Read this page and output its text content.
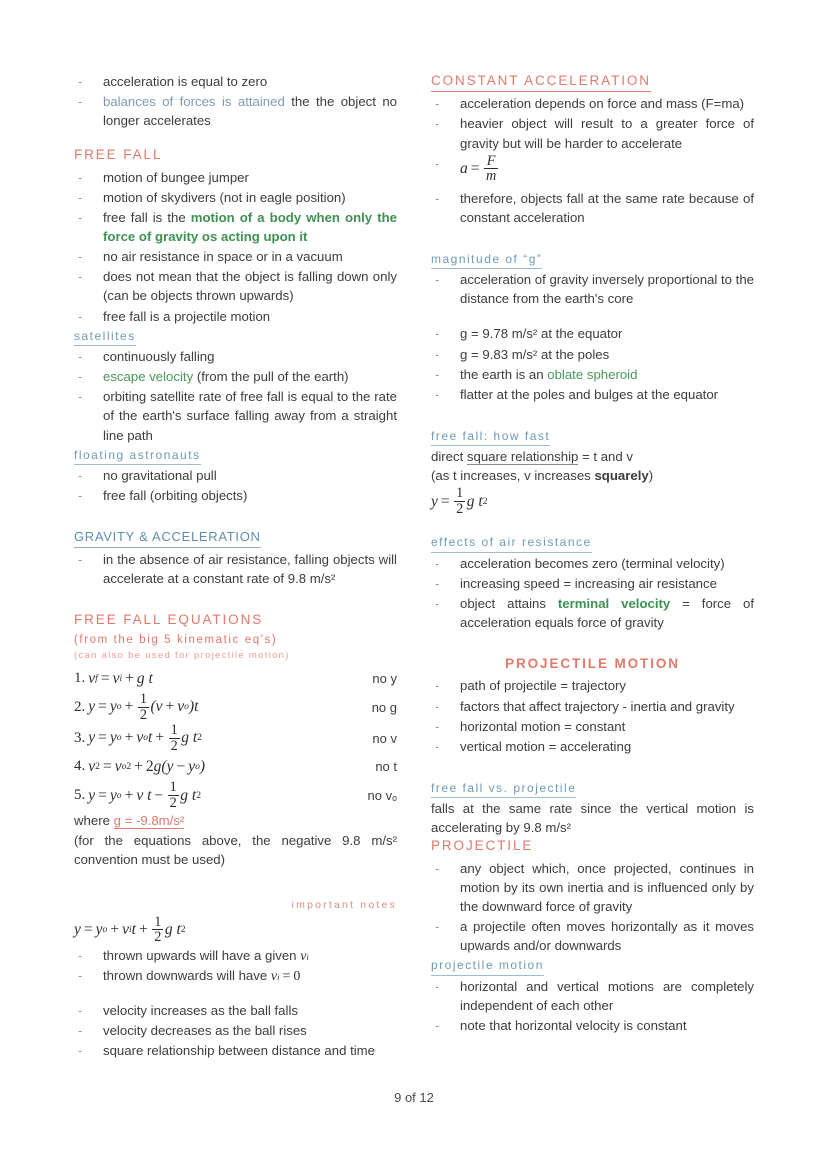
- acceleration is equal to zero
- balances of forces is attained the the object no longer accelerates
FREE FALL
- motion of bungee jumper
- motion of skydivers (not in eagle position)
- free fall is the motion of a body when only the force of gravity os acting upon it
- no air resistance in space or in a vacuum
- does not mean that the object is falling down only (can be objects thrown upwards)
- free fall is a projectile motion
satellites
- continuously falling
- escape velocity (from the pull of the earth)
- orbiting satellite rate of free fall is equal to the rate of the earth's surface falling away from a straight line path
floating astronauts
- no gravitational pull
- free fall (orbiting objects)
GRAVITY & ACCELERATION
- in the absence of air resistance, falling objects will accelerate at a constant rate of 9.8 m/s²
FREE FALL EQUATIONS
(from the big 5 kinematic eq's)
(can also be used for projectile motion)
1. v f = v i + g t	no y
2. y = y $o + \frac{1}{2} (v + v$ o )t	no g
3. y = y o + v o $t + \frac{1}{2}$ g t 2	no v
4. v 2 = v o 2 + 2 g(y − y o )	no t
5. y = y o + v $t - \frac{1}{2}$ g t 2	no vₒ

where g = -9.8m/s²

(for the equations above, the negative 9.8 m/s² convention must be used)

important notes
y = y o + v i $t + \frac{1}{2}$ g t 2
- thrown upwards will have a given v i
- thrown downwards will have v i = 0
- velocity increases as the ball falls
- velocity decreases as the ball rises
- square relationship between distance and time
CONSTANT ACCELERATION
- acceleration depends on force and mass (F=ma)
- heavier object will result to a greater force of gravity but will be harder to accelerate
- $a = \frac{F}{m}$
- therefore, objects fall at the same rate because of constant acceleration
magnitude of “g”
- acceleration of gravity inversely proportional to the distance from the earth's core
- g = 9.78 m/s² at the equator
- g = 9.83 m/s² at the poles
- the earth is an oblate spheroid
- flatter at the poles and bulges at the equator
free fall: how fast

direct square relationship = t and v

(as t increases, v increases squarely)

$y = \frac{1}{2}$ g t 2
effects of air resistance
- acceleration becomes zero (terminal velocity)
- increasing speed = increasing air resistance
- object attains terminal velocity = force of acceleration equals force of gravity
PROJECTILE MOTION
- path of projectile = trajectory
- factors that affect trajectory - inertia and gravity
- horizontal motion = constant
- vertical motion = accelerating
free fall vs. projectile

falls at the same rate since the vertical motion is accelerating by 9.8 m/s²

PROJECTILE
- any object which, once projected, continues in motion by its own inertia and is influenced only by the downward force of gravity
- a projectile often moves horizontally as it moves upwards and/or downwards
projectile motion
- horizontal and vertical motions are completely independent of each other
- note that horizontal velocity is constant
9 of 12
